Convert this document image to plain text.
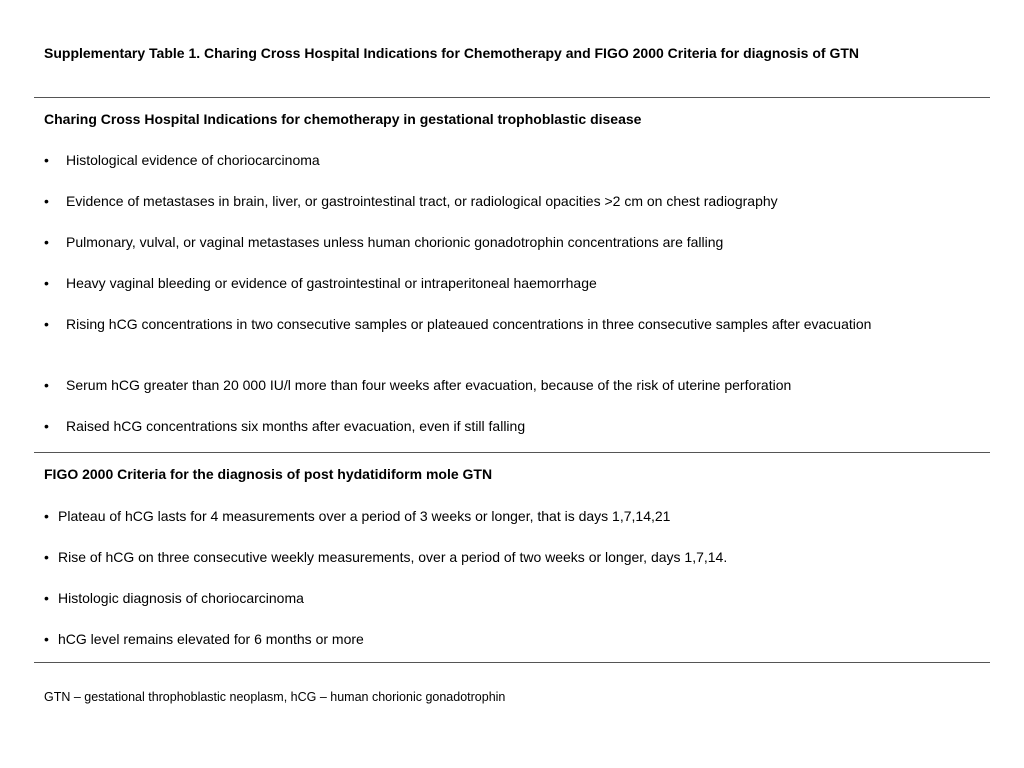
Supplementary Table 1. Charing Cross Hospital Indications for Chemotherapy and FIGO 2000 Criteria for diagnosis of GTN
Charing Cross Hospital Indications for chemotherapy in gestational trophoblastic disease
•	Histological evidence of choriocarcinoma
•	Evidence of metastases in brain, liver, or gastrointestinal tract, or radiological opacities >2 cm on chest radiography
•	Pulmonary, vulval, or vaginal metastases unless human chorionic gonadotrophin concentrations are falling
•	Heavy vaginal bleeding or evidence of gastrointestinal or intraperitoneal haemorrhage
•	Rising hCG concentrations in two consecutive samples or plateaued concentrations in three consecutive samples after evacuation
•	Serum hCG greater than 20 000 IU/l more than four weeks after evacuation, because of the risk of uterine perforation
•	Raised hCG concentrations six months after evacuation, even if still falling
FIGO 2000 Criteria for the diagnosis of post hydatidiform mole GTN
• Plateau of hCG lasts for 4 measurements over a period of 3 weeks or longer, that is days 1,7,14,21
• Rise of hCG on three consecutive weekly measurements, over a period of two weeks or longer, days 1,7,14.
• Histologic diagnosis of choriocarcinoma
• hCG level remains elevated for 6 months or more
GTN – gestational throphoblastic neoplasm, hCG – human chorionic gonadotrophin
